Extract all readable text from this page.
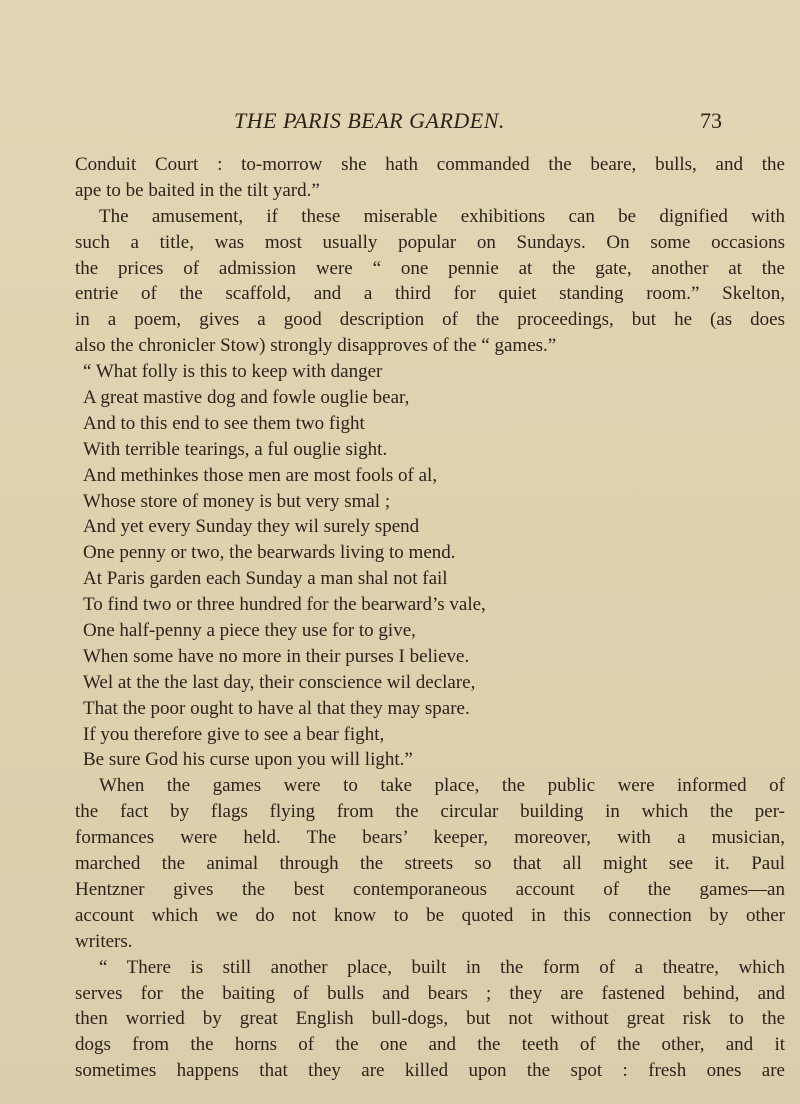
THE PARIS BEAR GARDEN.	73
Conduit Court : to-morrow she hath commanded the beare, bulls, and the
ape to be baited in the tilt yard.”
The amusement, if these miserable exhibitions can be dignified with
such a title, was most usually popular on Sundays. On some occasions
the prices of admission were “ one pennie at the gate, another at the
entrie of the scaffold, and a third for quiet standing room.” Skelton,
in a poem, gives a good description of the proceedings, but he (as does
also the chronicler Stow) strongly disapproves of the “ games.”
“ What folly is this to keep with danger
A great mastive dog and fowle ouglie bear,
And to this end to see them two fight
With terrible tearings, a ful ouglie sight.
And methinkes those men are most fools of al,
Whose store of money is but very smal ;
And yet every Sunday they wil surely spend
One penny or two, the bearwards living to mend.
At Paris garden each Sunday a man shal not fail
To find two or three hundred for the bearward’s vale,
One half-penny a piece they use for to give,
When some have no more in their purses I believe.
Wel at the the last day, their conscience wil declare,
That the poor ought to have al that they may spare.
If you therefore give to see a bear fight,
Be sure God his curse upon you will light.”
When the games were to take place, the public were informed of
the fact by flags flying from the circular building in which the per-
formances were held. The bears’ keeper, moreover, with a musician,
marched the animal through the streets so that all might see it. Paul
Hentzner gives the best contemporaneous account of the games—an
account which we do not know to be quoted in this connection by other
writers.
“ There is still another place, built in the form of a theatre, which
serves for the baiting of bulls and bears ; they are fastened behind, and
then worried by great English bull-dogs, but not without great risk to the
dogs from the horns of the one and the teeth of the other, and it
sometimes happens that they are killed upon the spot : fresh ones are
